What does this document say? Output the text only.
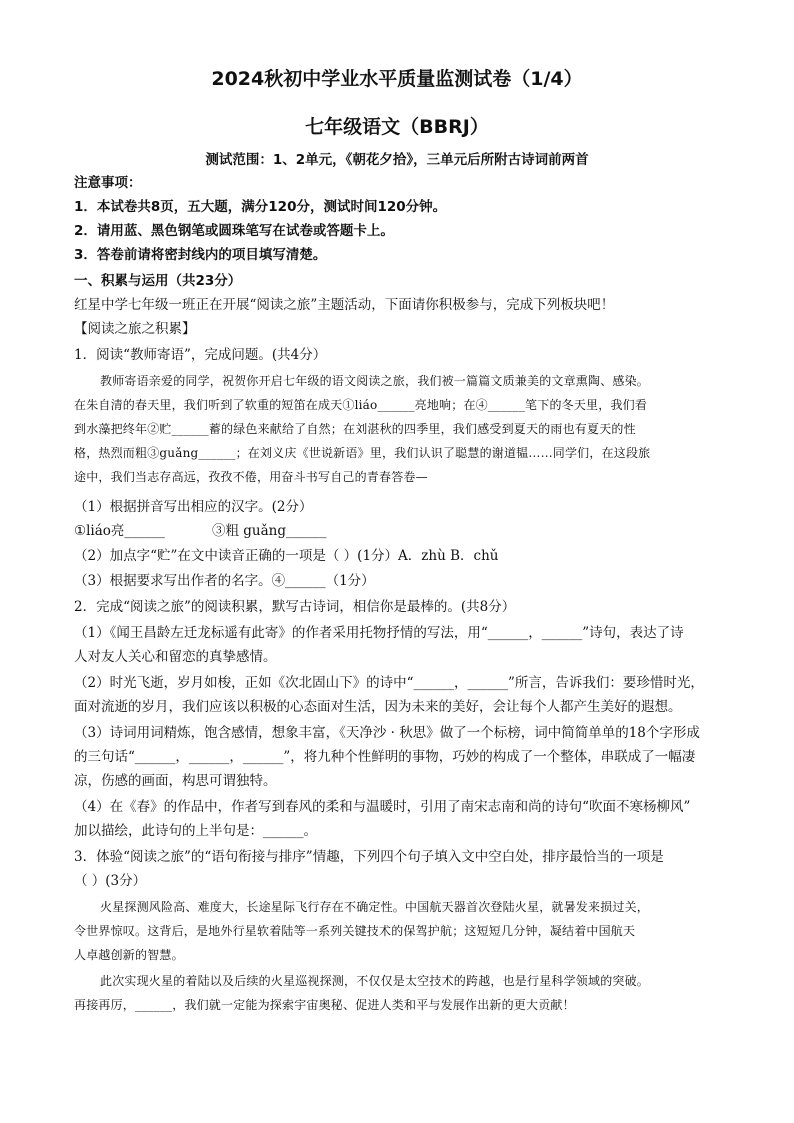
2024秋初中学业水平质量监测试卷（1/4）
七年级语文（BBRJ）
测试范围：1、2单元，《朝花夕拾》，三单元后所附古诗词前两首
注意事项：
1．本试卷共8页，五大题，满分120分，测试时间120分钟。
2．请用蓝、黑色钢笔或圆珠笔写在试卷或答题卡上。
3．答卷前请将密封线内的项目填写清楚。
一、积累与运用（共23分）
红星中学七年级一班正在开展“阅读之旅”主题活动，下面请你积极参与，完成下列板块吧！
【阅读之旅之积累】
1．阅读“教师寄语”，完成问题。(共4分）
教师寄语亲爱的同学，祝贺你开启七年级的语文阅读之旅，我们被一篇篇文质兼美的文章熏陶、感染。
在朱自清的春天里，我们听到了软重的短笛在成天①liáo______亮地响；在④______笔下的冬天里，我们看
到水藻把终年②贮______蓄的绿色来献给了自然；在刘湛秋的四季里，我们感受到夏天的雨也有夏天的性
格，热烈而粗③guǎng______；在刘义庆《世说新语》里，我们认识了聪慧的谢道韫……同学们，在这段旅
途中，我们当志存高远，孜孜不倦，用奋斗书写自己的青春答卷—
（1）根据拼音写出相应的汉字。(2分）
①liáo亮______	③粗 guǎng______
（2）加点字“贮”在文中读音正确的一项是（ ）(1分）A．zhù B．chǔ
（3）根据要求写出作者的名字。④______（1分）
2．完成“阅读之旅”的阅读积累，默写古诗词，相信你是最棒的。(共8分）
（1）《闻王昌龄左迁龙标遥有此寄》的作者采用托物抒情的写法，用“______，______”诗句，表达了诗
人对友人关心和留恋的真挚感情。
（2）时光飞逝，岁月如梭，正如《次北固山下》的诗中“______，______”所言，告诉我们：要珍惜时光，
面对流逝的岁月，我们应该以积极的心态面对生活，因为未来的美好，会让每个人都产生美好的遐想。
（3）诗词用词精炼，饱含感情，想象丰富，《天净沙 · 秋思》做了一个标榜，词中简简单单的18个字形成
的三句话“______，______，______”，将九种个性鲜明的事物，巧妙的构成了一个整体，串联成了一幅凄
凉，伤感的画面，构思可谓独特。
（4）在《春》的作品中，作者写到春风的柔和与温暖时，引用了南宋志南和尚的诗句“吹面不寒杨柳风”
加以描绘，此诗句的上半句是：______。
3．体验“阅读之旅”的“语句衔接与排序”情趣，下列四个句子填入文中空白处，排序最恰当的一项是
（ ）(3分）
火星探测风险高、难度大，长途星际飞行存在不确定性。中国航天器首次登陆火星，就暑发来损过关，
令世界惊叹。这背后，是地外行星软着陆等一系列关键技术的保驾护航；这短短几分钟，凝结着中国航天
人卓越创新的智慧。
此次实现火星的着陆以及后续的火星巡视探测，不仅仅是太空技术的跨越，也是行星科学领域的突破。
再接再厉，______，我们就一定能为探索宇宙奥秘、促进人类和平与发展作出新的更大贡献！
